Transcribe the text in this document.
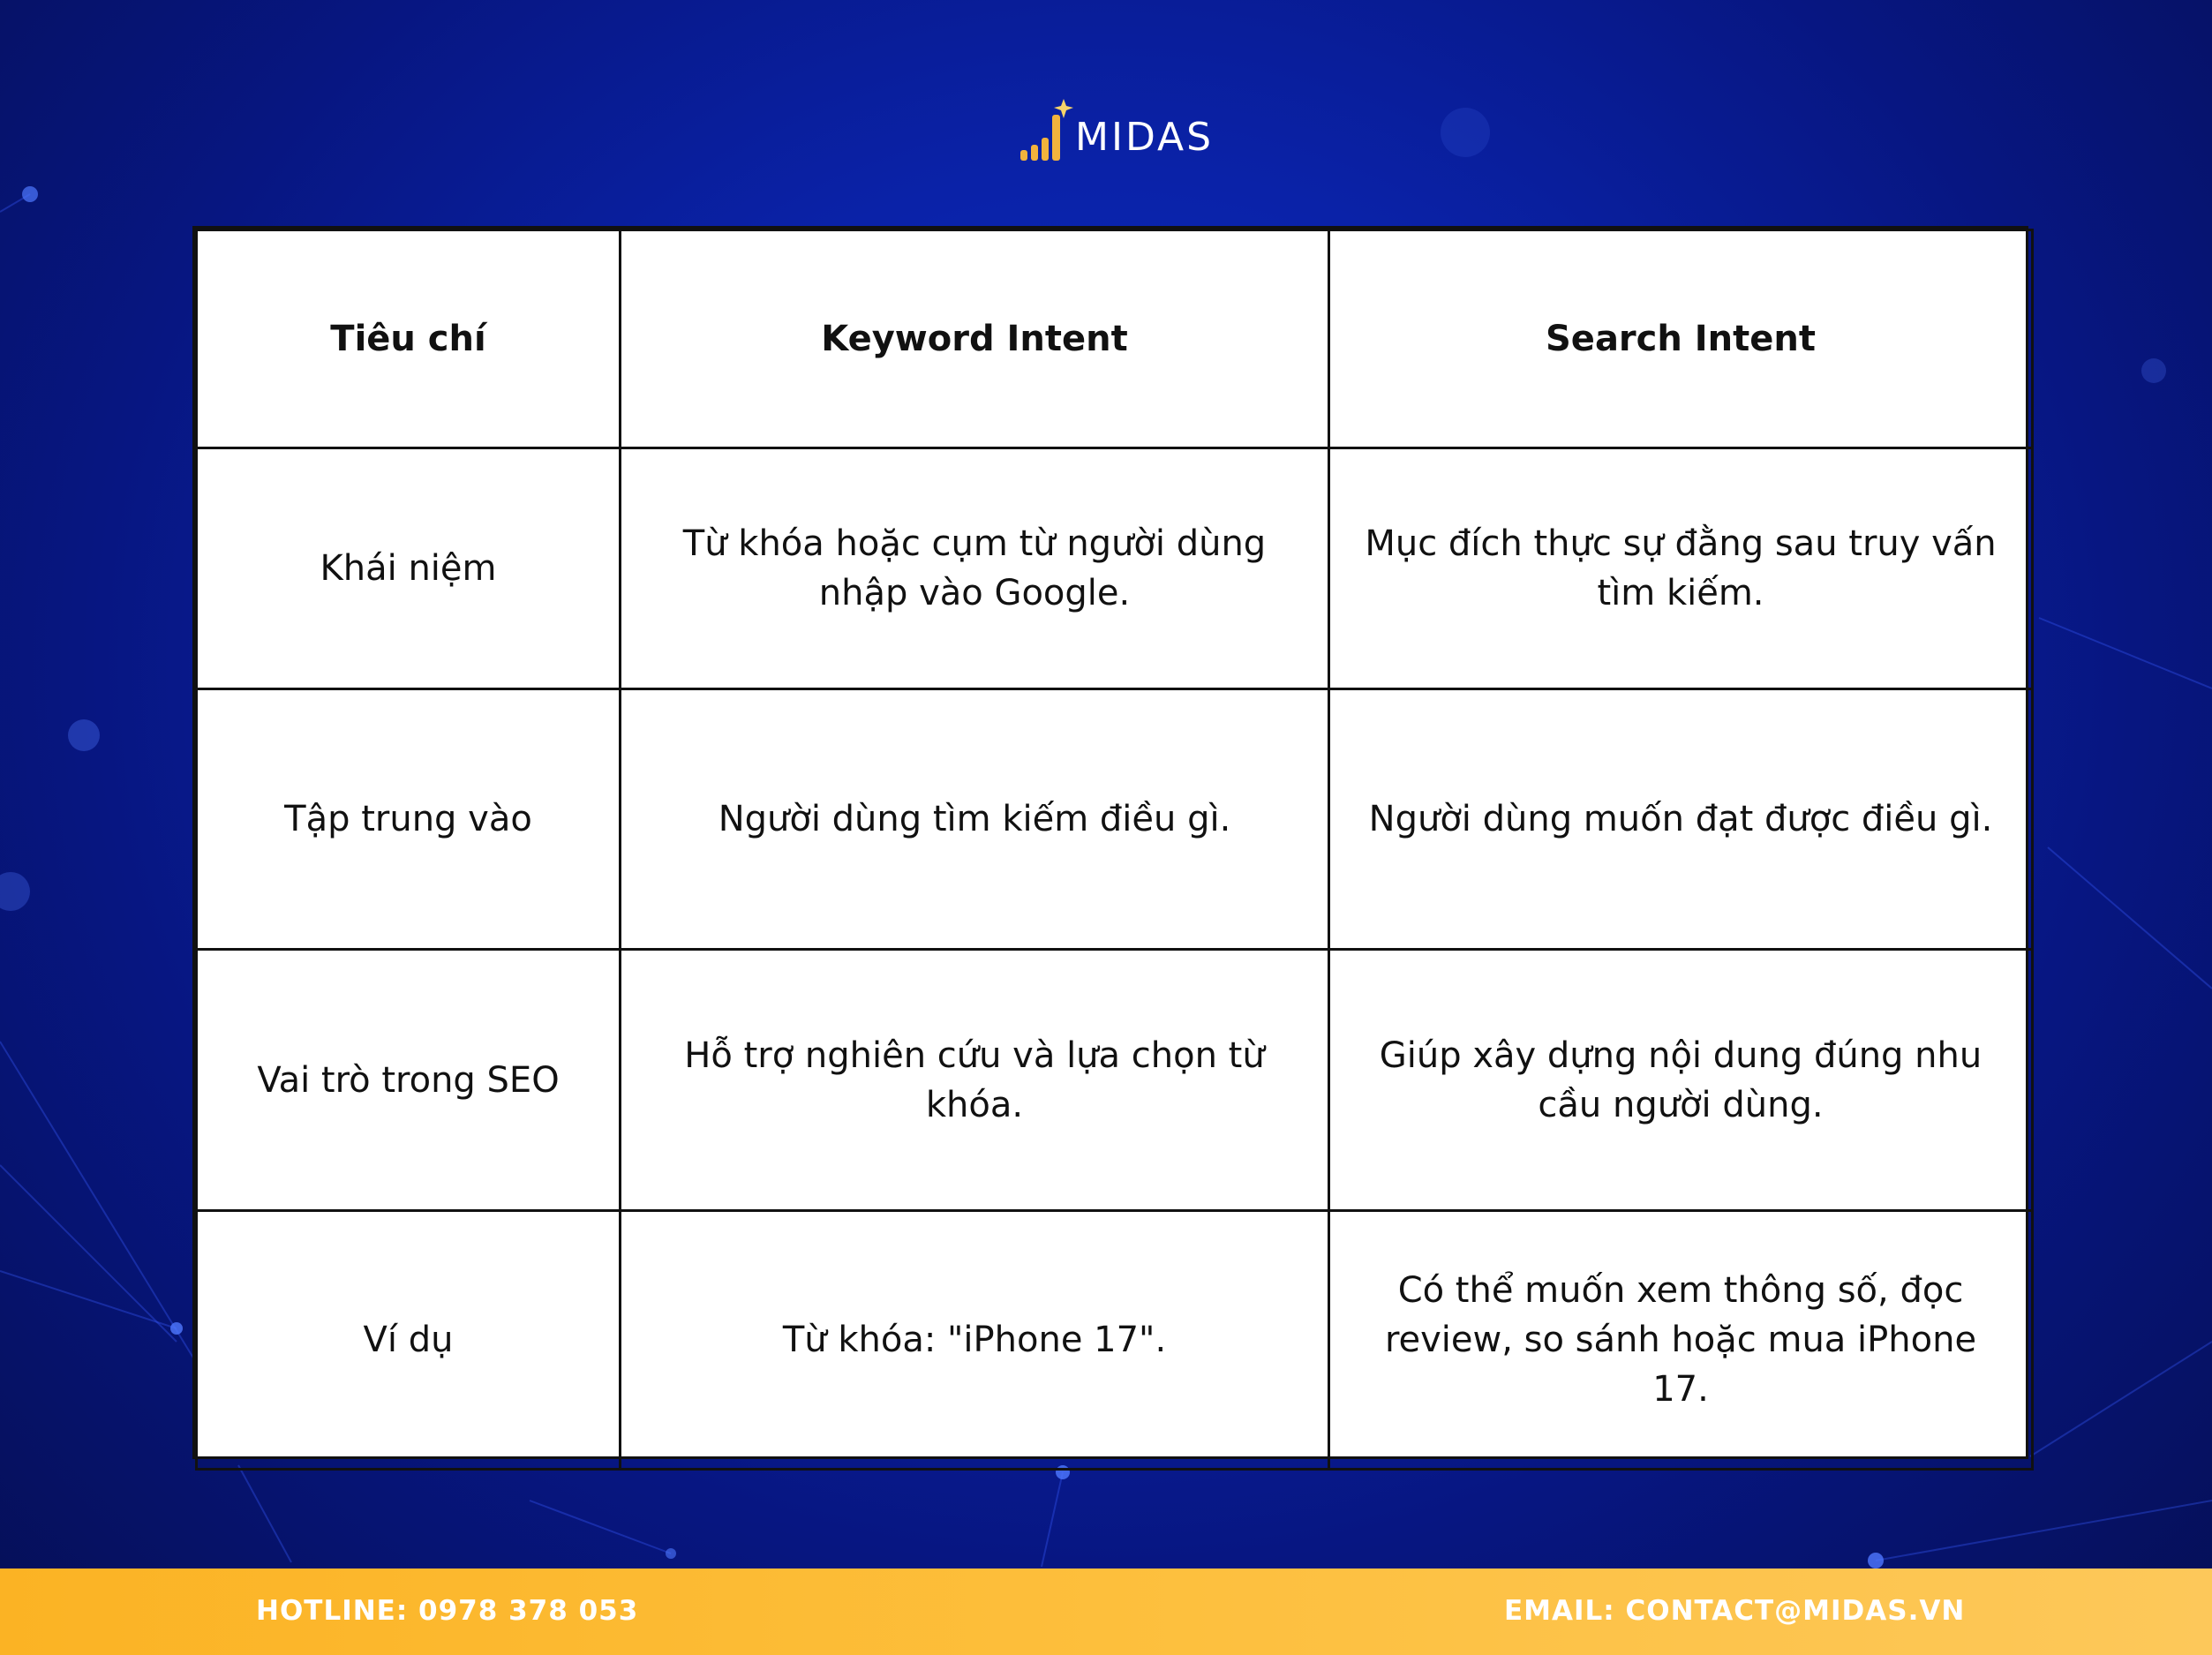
MIDAS
Tiêu chí	Keyword Intent	Search Intent
Khái niệm	Từ khóa hoặc cụm từ người dùng nhập vào Google.	Mục đích thực sự đằng sau truy vấn tìm kiếm.
Tập trung vào	Người dùng tìm kiếm điều gì.	Người dùng muốn đạt được điều gì.
Vai trò trong SEO	Hỗ trợ nghiên cứu và lựa chọn từ khóa.	Giúp xây dựng nội dung đúng nhu cầu người dùng.
Ví dụ	Từ khóa: "iPhone 17".	Có thể muốn xem thông số, đọc review, so sánh hoặc mua iPhone 17.
HOTLINE: 0978 378 053	EMAIL: CONTACT@MIDAS.VN
